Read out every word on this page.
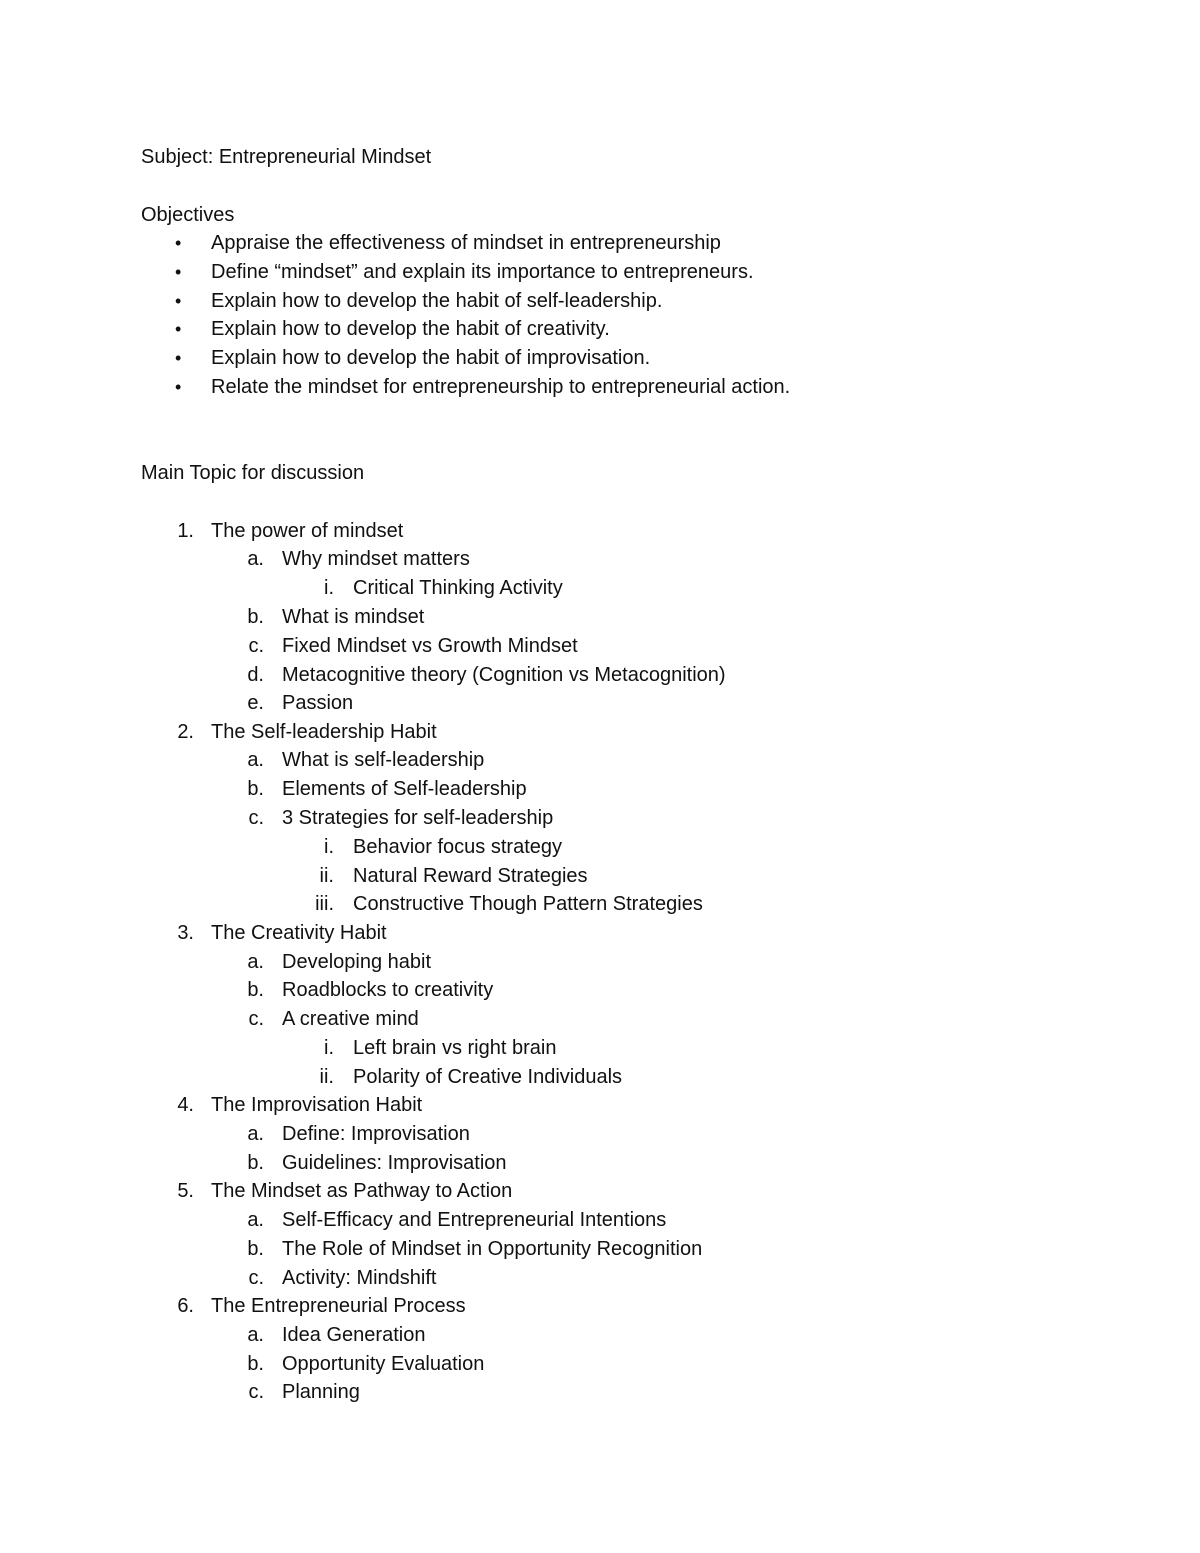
Subject: Entrepreneurial Mindset
Objectives
• Appraise the effectiveness of mindset in entrepreneurship
• Define “mindset” and explain its importance to entrepreneurs.
• Explain how to develop the habit of self-leadership.
• Explain how to develop the habit of creativity.
• Explain how to develop the habit of improvisation.
• Relate the mindset for entrepreneurship to entrepreneurial action.
Main Topic for discussion
1. The power of mindset
a. Why mindset matters
i. Critical Thinking Activity
b. What is mindset
c. Fixed Mindset vs Growth Mindset
d. Metacognitive theory (Cognition vs Metacognition)
e. Passion
2. The Self-leadership Habit
a. What is self-leadership
b. Elements of Self-leadership
c. 3 Strategies for self-leadership
i. Behavior focus strategy
ii. Natural Reward Strategies
iii. Constructive Though Pattern Strategies
3. The Creativity Habit
a. Developing habit
b. Roadblocks to creativity
c. A creative mind
i. Left brain vs right brain
ii. Polarity of Creative Individuals
4. The Improvisation Habit
a. Define: Improvisation
b. Guidelines: Improvisation
5. The Mindset as Pathway to Action
a. Self-Efficacy and Entrepreneurial Intentions
b. The Role of Mindset in Opportunity Recognition
c. Activity: Mindshift
6. The Entrepreneurial Process
a. Idea Generation
b. Opportunity Evaluation
c. Planning
